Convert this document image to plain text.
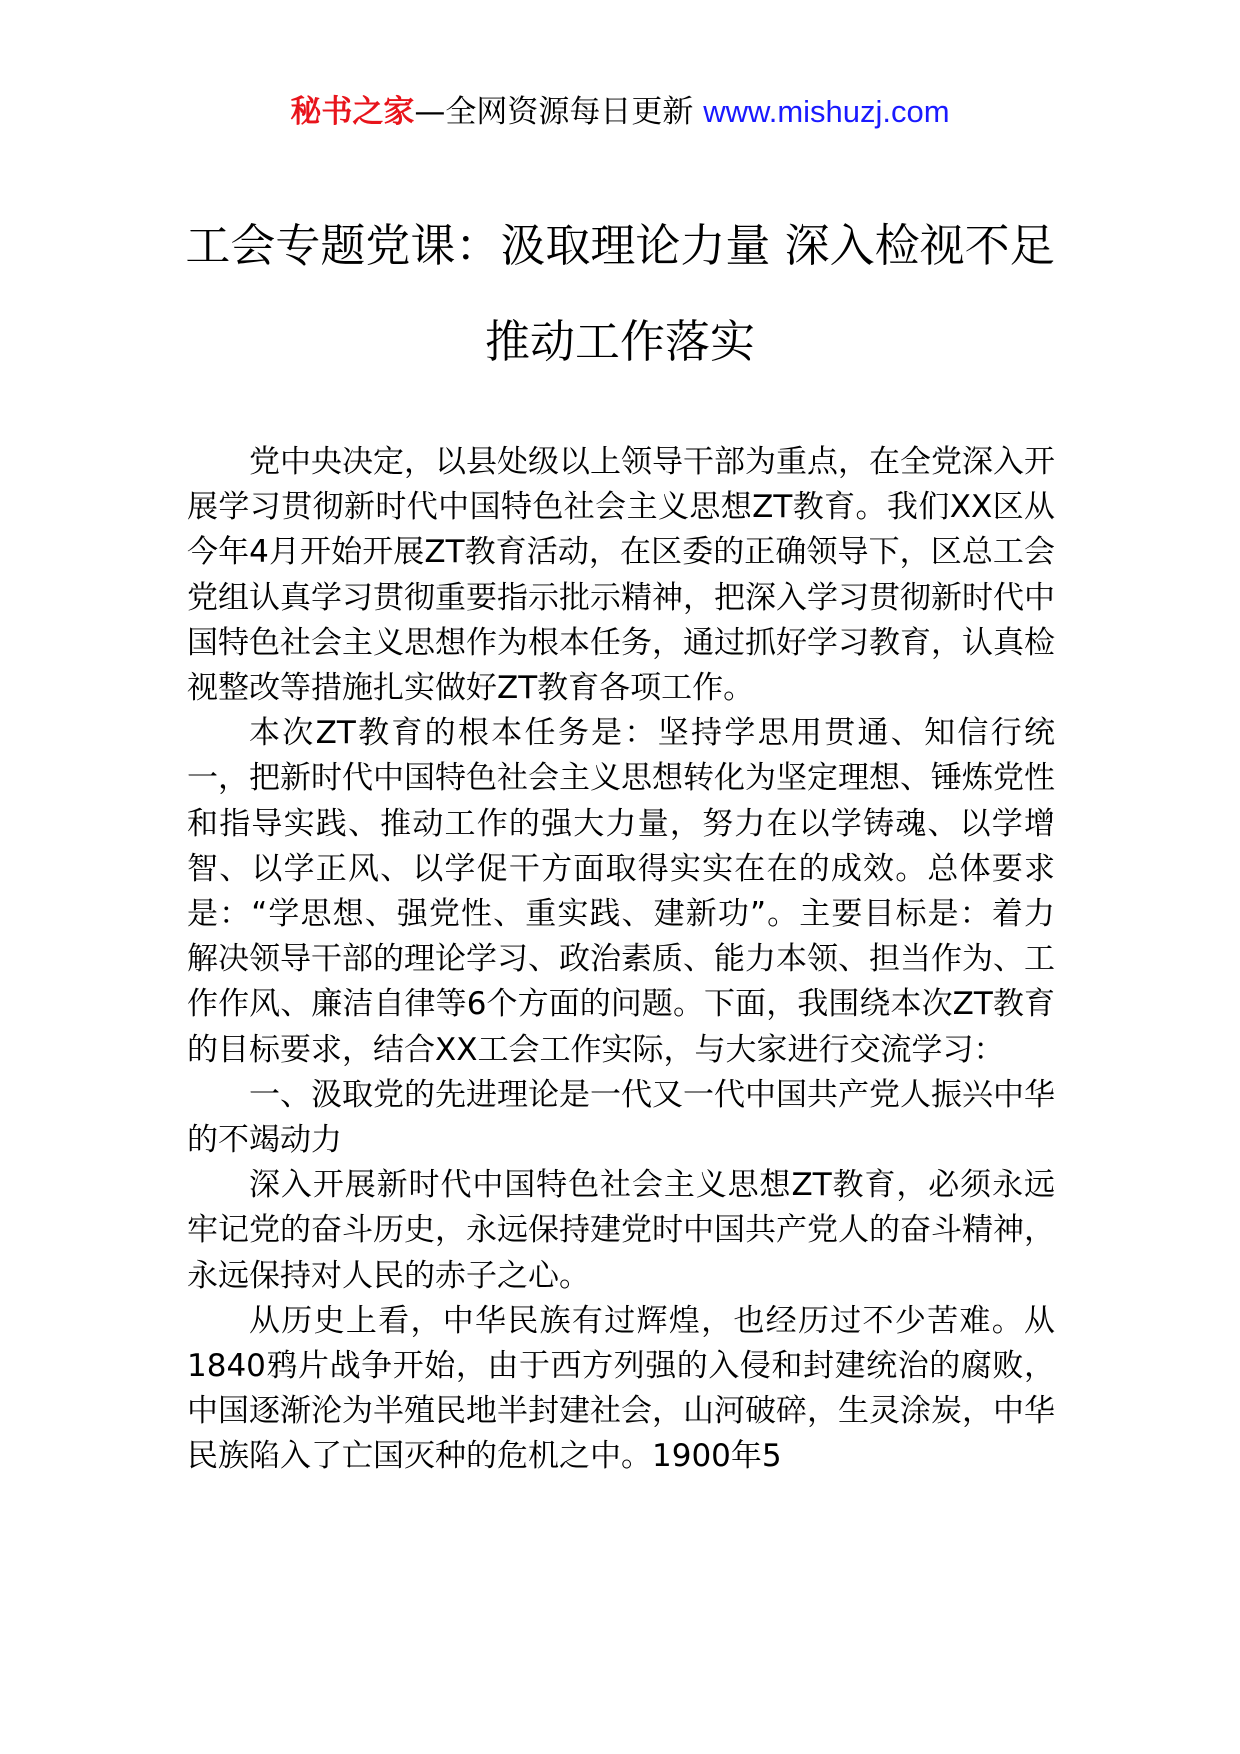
秘书之家—全网资源每日更新 www.mishuzj.com
工会专题党课：汲取理论力量 深入检视不足 推动工作落实

党中央决定，以县处级以上领导干部为重点，在全党深入开展学习贯彻新时代中国特色社会主义思想ZT教育。我们XX区从今年4月开始开展ZT教育活动，在区委的正确领导下，区总工会党组认真学习贯彻重要指示批示精神，把深入学习贯彻新时代中国特色社会主义思想作为根本任务，通过抓好学习教育，认真检视整改等措施扎实做好ZT教育各项工作。

本次ZT教育的根本任务是：坚持学思用贯通、知信行统一，把新时代中国特色社会主义思想转化为坚定理想、锤炼党性和指导实践、推动工作的强大力量，努力在以学铸魂、以学增智、以学正风、以学促干方面取得实实在在的成效。总体要求是：“学思想、强党性、重实践、建新功”。主要目标是：着力解决领导干部的理论学习、政治素质、能力本领、担当作为、工作作风、廉洁自律等6个方面的问题。下面，我围绕本次ZT教育的目标要求，结合XX工会工作实际，与大家进行交流学习：

一、汲取党的先进理论是一代又一代中国共产党人振兴中华的不竭动力

深入开展新时代中国特色社会主义思想ZT教育，必须永远牢记党的奋斗历史，永远保持建党时中国共产党人的奋斗精神，永远保持对人民的赤子之心。

从历史上看，中华民族有过辉煌，也经历过不少苦难。从1840鸦片战争开始，由于西方列强的入侵和封建统治的腐败，中国逐渐沦为半殖民地半封建社会，山河破碎，生灵涂炭，中华民族陷入了亡国灭种的危机之中。1900年5
